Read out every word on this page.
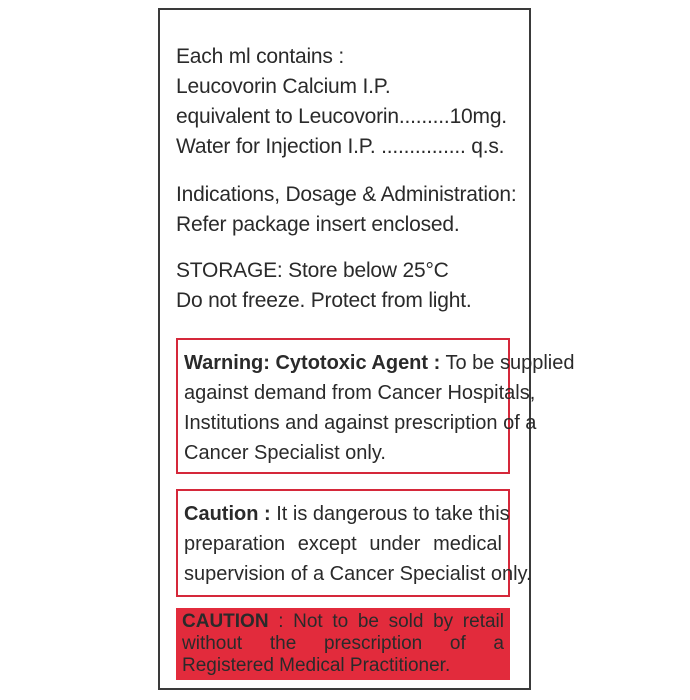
Each ml contains :
Leucovorin Calcium I.P.
equivalent to Leucovorin.........10mg.
Water for Injection I.P. ............... q.s.
Indications, Dosage & Administration:
Refer package insert enclosed.
STORAGE: Store below 25°C
Do not freeze. Protect from light.
Warning: Cytotoxic Agent : To be supplied
against demand from Cancer Hospitals,
Institutions and against prescription of a
Cancer Specialist only.
Caution : It is dangerous to take this
preparation except under medical
supervision of a Cancer Specialist only.
CAUTION : Not to be sold by retail
without the prescription of a
Registered Medical Practitioner.
